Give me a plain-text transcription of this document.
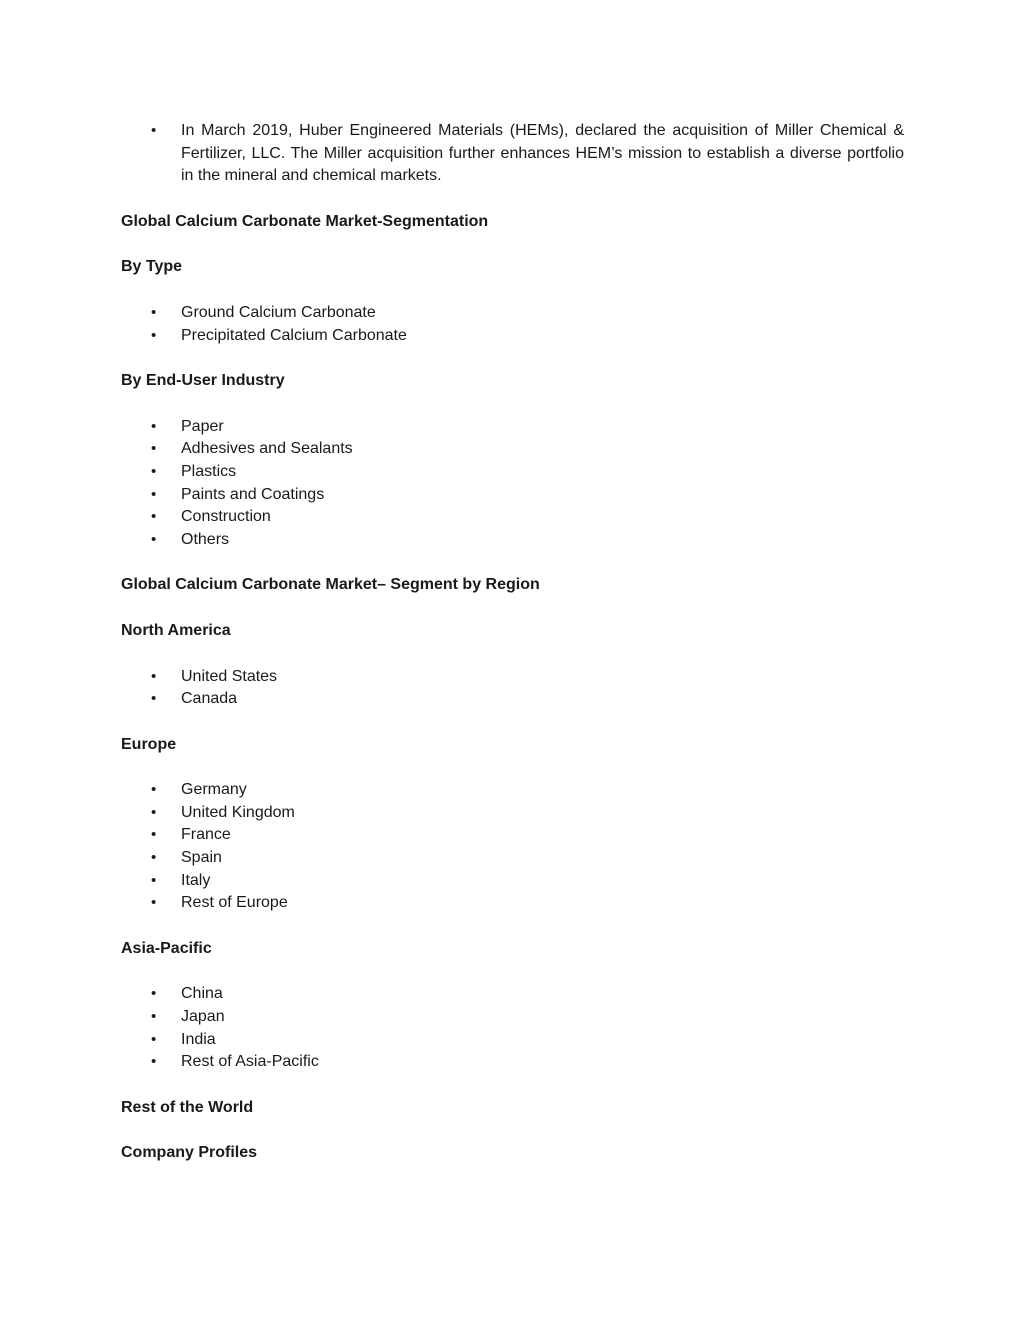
•	In March 2019, Huber Engineered Materials (HEMs), declared the acquisition of Miller Chemical & Fertilizer, LLC. The Miller acquisition further enhances HEM’s mission to establish a diverse portfolio in the mineral and chemical markets.

Global Calcium Carbonate Market-Segmentation

By Type

•	Ground Calcium Carbonate
•	Precipitated Calcium Carbonate

By End-User Industry

•	Paper
•	Adhesives and Sealants
•	Plastics
•	Paints and Coatings
•	Construction
•	Others

Global Calcium Carbonate Market– Segment by Region

North America

•	United States
•	Canada

Europe

•	Germany
•	United Kingdom
•	France
•	Spain
•	Italy
•	Rest of Europe

Asia-Pacific

•	China
•	Japan
•	India
•	Rest of Asia-Pacific

Rest of the World

Company Profiles
